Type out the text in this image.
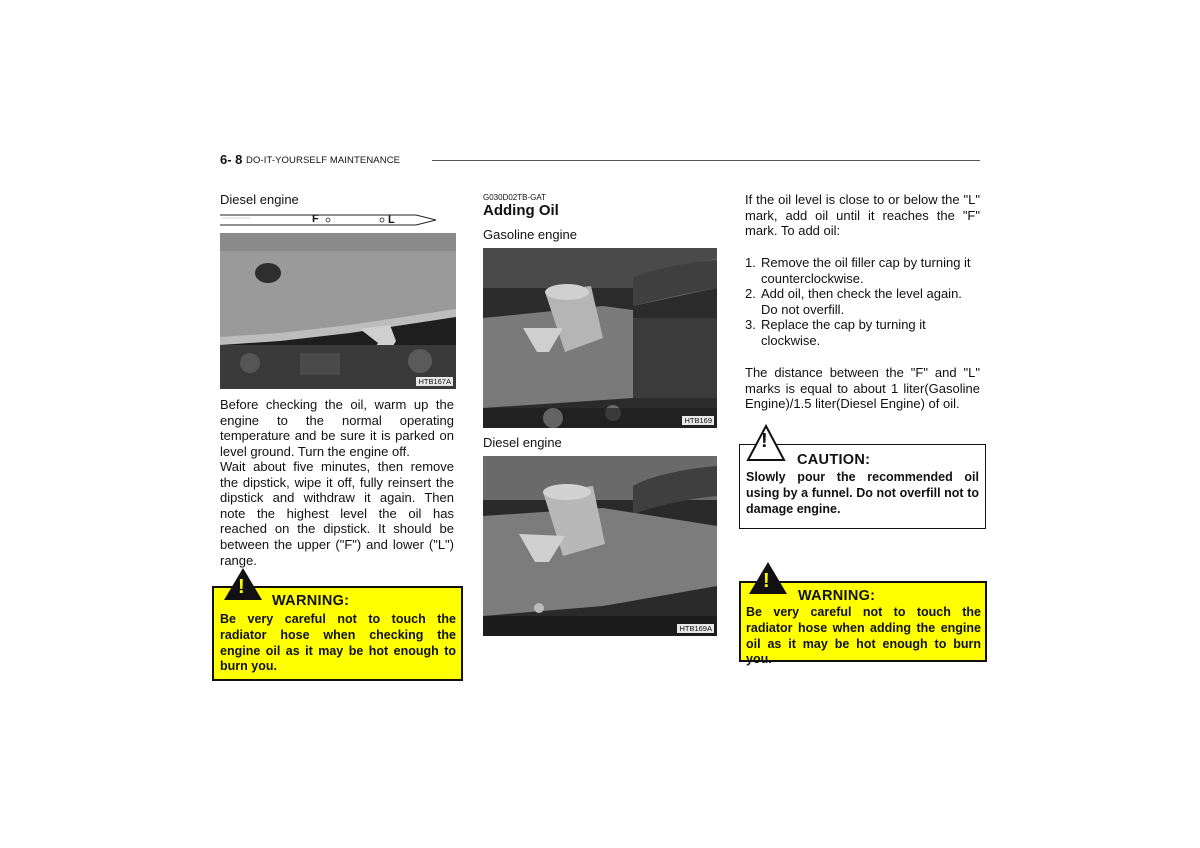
6- 8 DO-IT-YOURSELF MAINTENANCE
Diesel engine
F	L
HTB167A
Before checking the oil, warm up the engine to the normal operating temperature and be sure it is parked on level ground. Turn the engine off.
Wait about five minutes, then remove the dipstick, wipe it off, fully reinsert the dipstick and withdraw it again. Then note the highest level the oil has reached on the dipstick. It should be between the upper ("F") and lower ("L") range.
WARNING:
Be very careful not to touch the radiator hose when checking the engine oil as it may be hot enough to burn you.
!
G030D02TB-GAT
Adding Oil
Gasoline engine
HTB169
Diesel engine
HTB169A
If the oil level is close to or below the "L" mark, add oil until it reaches the "F" mark. To add oil:
1. Remove the oil filler cap by turning it counterclockwise.
2. Add oil, then check the level again. Do not overfill.
3. Replace the cap by turning it clockwise.
The distance between the "F" and "L" marks is equal to about 1 liter(Gasoline Engine)/1.5 liter(Diesel Engine) of oil.
CAUTION:
Slowly pour the recommended oil using by a funnel. Do not overfill not to damage engine.
!
WARNING:
Be very careful not to touch the radiator hose when adding the engine oil as it may be hot enough to burn you.
!
